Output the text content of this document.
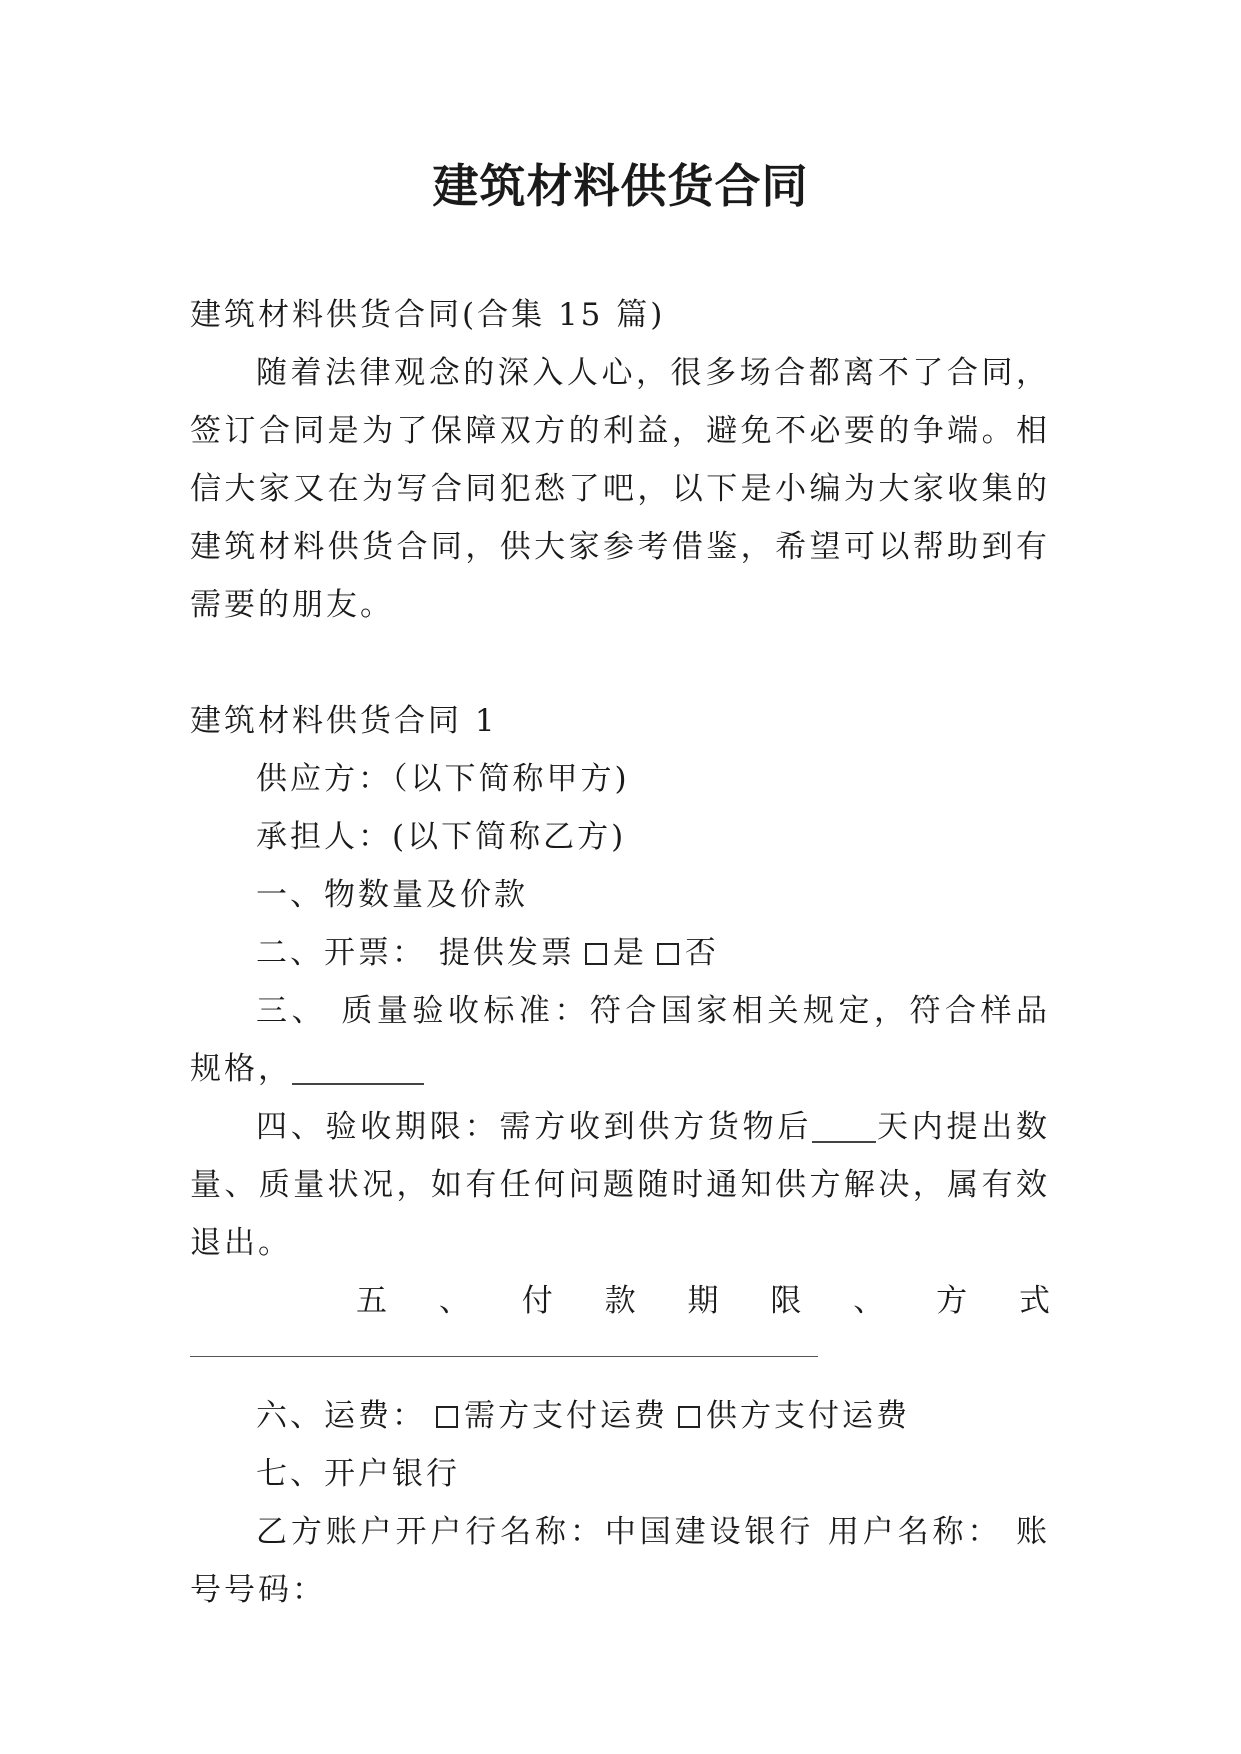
建筑材料供货合同

建筑材料供货合同(合集 15 篇)

随着法律观念的深入人心，很多场合都离不了合同，签订合同是为了保障双方的利益，避免不必要的争端。相信大家又在为写合同犯愁了吧，以下是小编为大家收集的建筑材料供货合同，供大家参考借鉴，希望可以帮助到有需要的朋友。

建筑材料供货合同 1

供应方：（以下简称甲方)

承担人：(以下简称乙方)

一、物数量及价款

二、开票： 提供发票 是 否

三、 质量验收标准：符合国家相关规定，符合样品规格，

四、验收期限：需方收到供方货物后 天内提出数量、质量状况，如有任何问题随时通知供方解决，属有效退出。

五 、 付 款 期 限 、 方 式

六、运费： 需方支付运费 供方支付运费

七、开户银行

乙方账户开户行名称：中国建设银行 用户名称： 账号号码：
